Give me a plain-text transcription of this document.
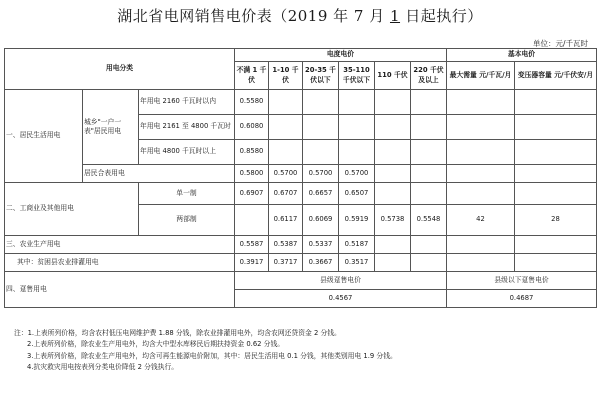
湖北省电网销售电价表（2019 年 7 月 1 日起执行）
单位：元/千瓦时
用电分类			电度电价						基本电价	
			不满 1 千伏	1-10 千伏	20-35 千伏以下	35-110 千伏以下	110 千伏	220 千伏及以上	最大需量 元/千瓦/月	变压器容量 元/千伏安/月
一、居民生活用电	城乡"一户一表"居民用电	年用电 2160 千瓦时以内	0.5580							
		年用电 2161 至 4800 千瓦时	0.6080							
		年用电 4800 千瓦时以上	0.8580							
	居民合表用电		0.5800	0.5700	0.5700	0.5700				
二、工商业及其他用电		单一制	0.6907	0.6707	0.6657	0.6507				
		两部制		0.6117	0.6069	0.5919	0.5738	0.5548	42	28
三、农业生产用电			0.5587	0.5387	0.5337	0.5187				
其中：贫困县农业排灌用电			0.3917	0.3717	0.3667	0.3517				
四、趸售用电			县级趸售电价						县级以下趸售电价	
			0.4567						0.4687	
注：1.上表所列价格，均含农村低压电网维护费 1.88 分钱，除农业排灌用电外，均含农网还贷资金 2 分钱。
2.上表所列价格，除农业生产用电外，均含大中型水库移民后期扶持资金 0.62 分钱。
3.上表所列价格，除农业生产用电外，均含可再生能源电价附加，其中：居民生活用电 0.1 分钱，其他类别用电 1.9 分钱。
4.抗灾救灾用电按表列分类电价降低 2 分钱执行。
